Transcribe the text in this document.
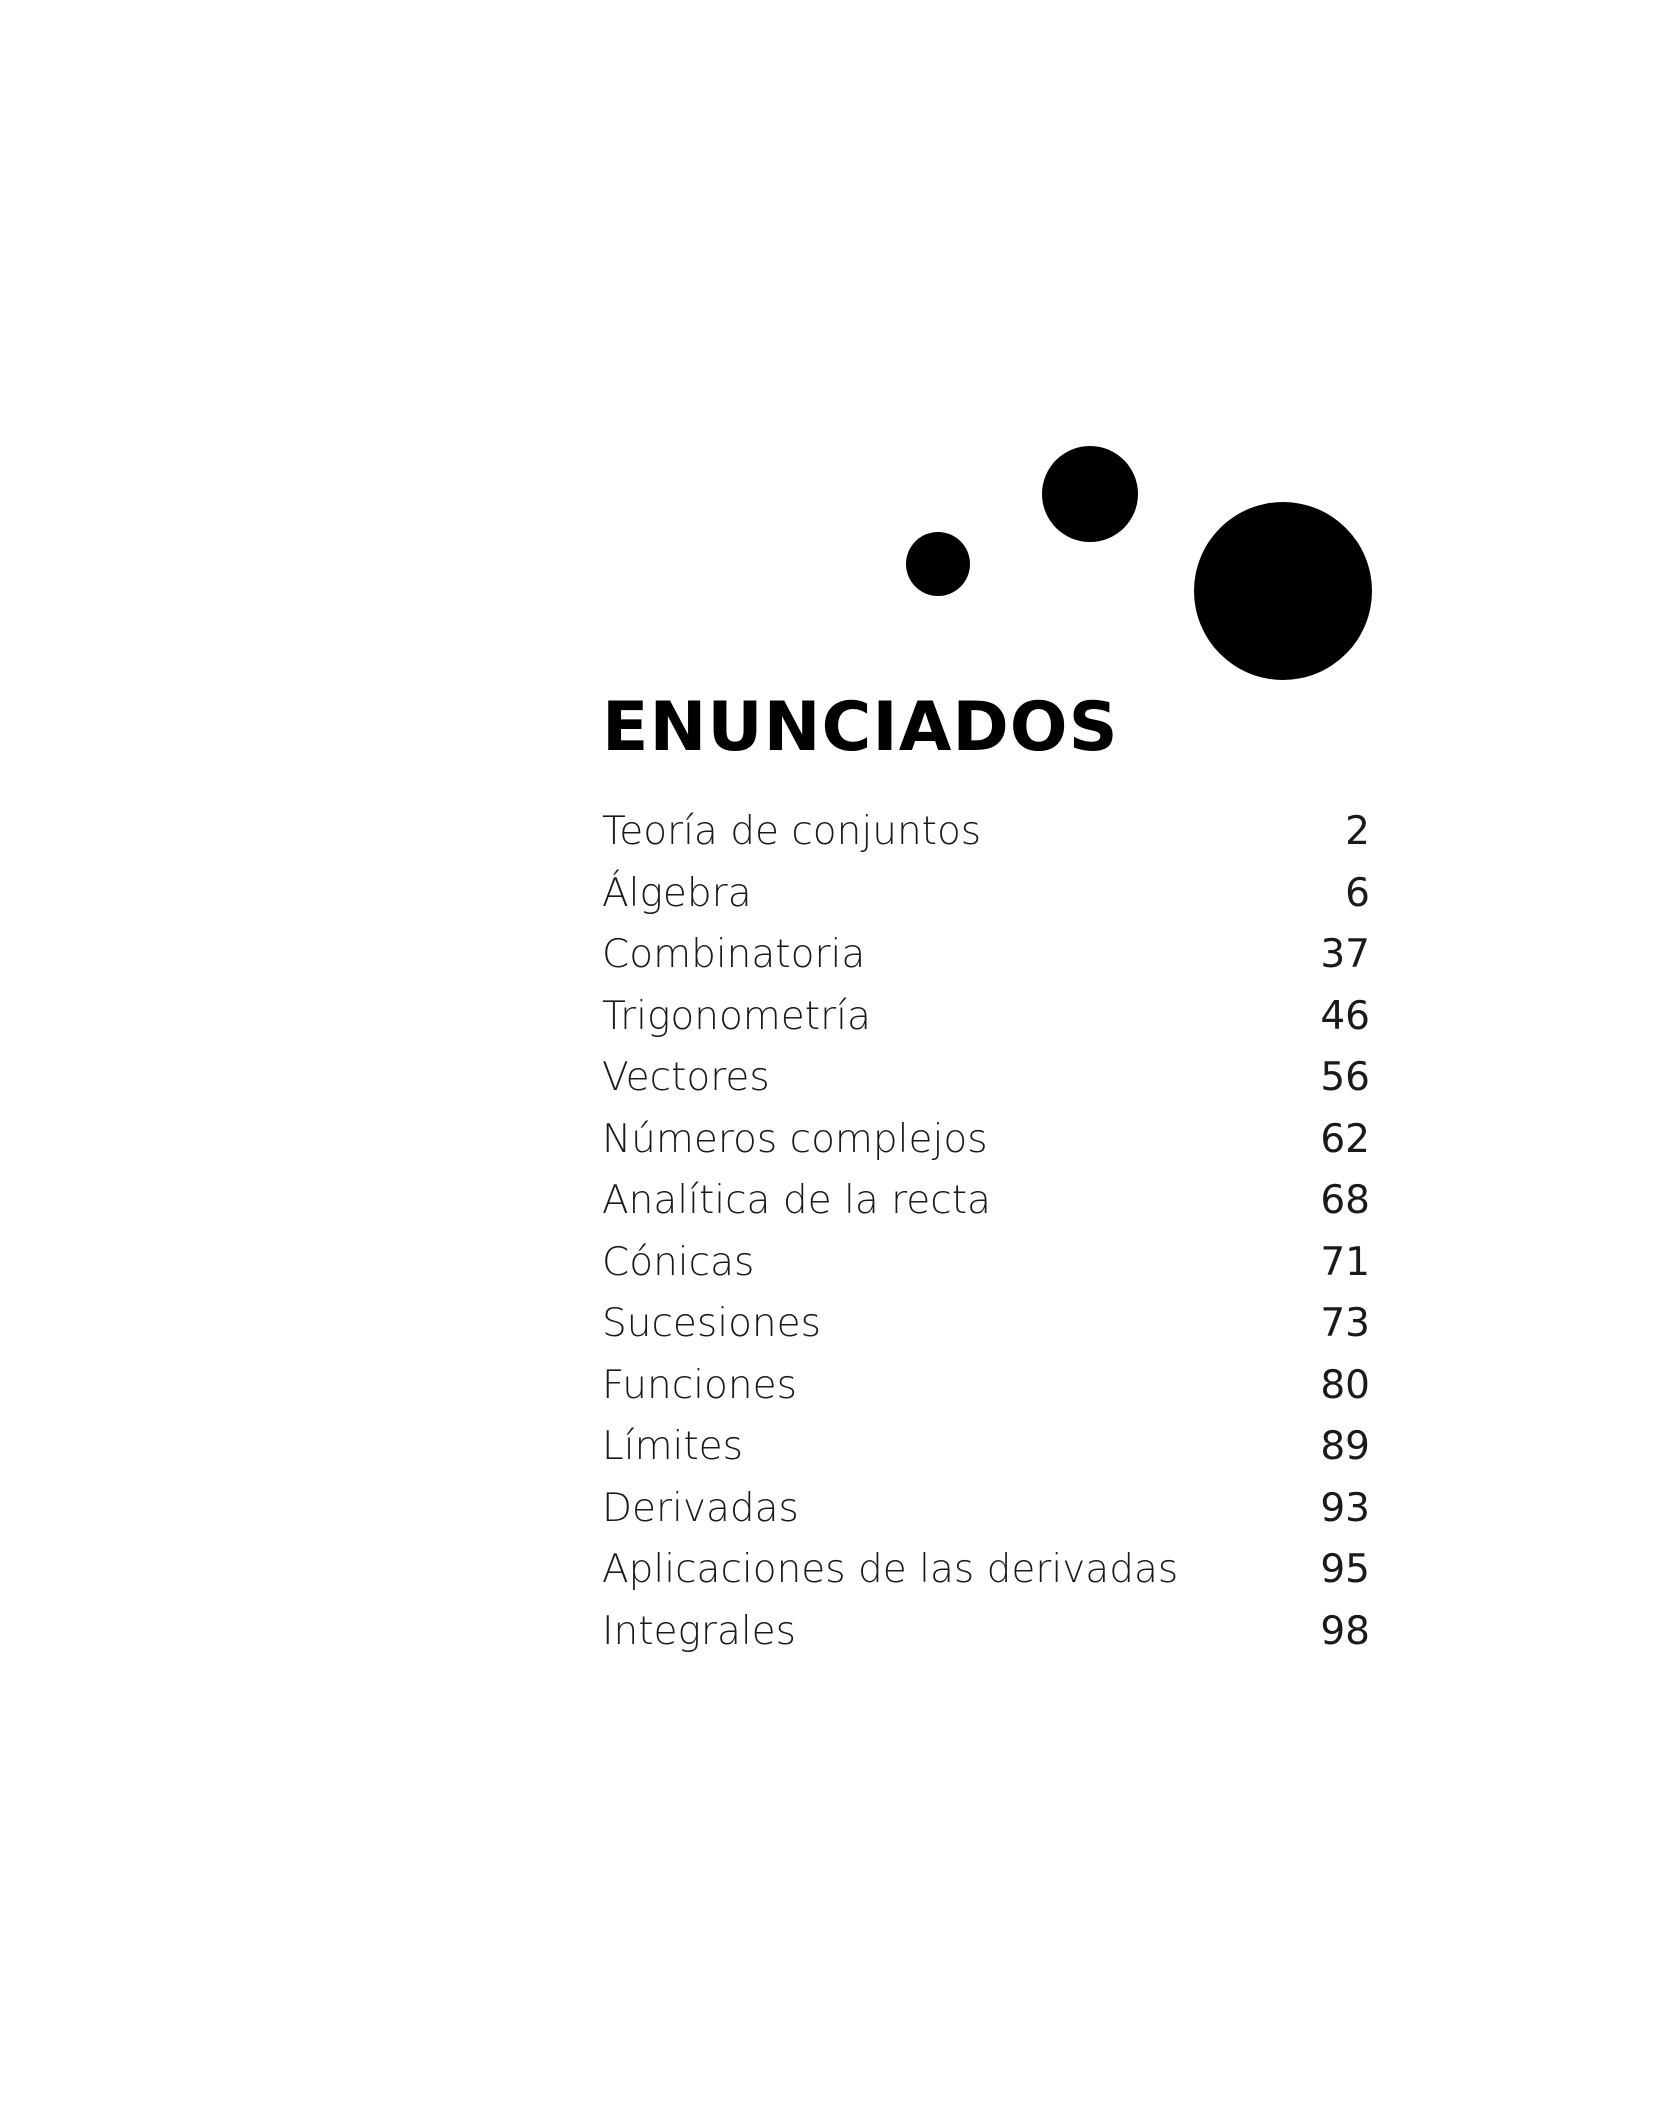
ENUNCIADOS
Teoría de conjuntos	2
Álgebra	6
Combinatoria	37
Trigonometría	46
Vectores	56
Números complejos	62
Analítica de la recta	68
Cónicas	71
Sucesiones	73
Funciones	80
Límites	89
Derivadas	93
Aplicaciones de las derivadas	95
Integrales	98
